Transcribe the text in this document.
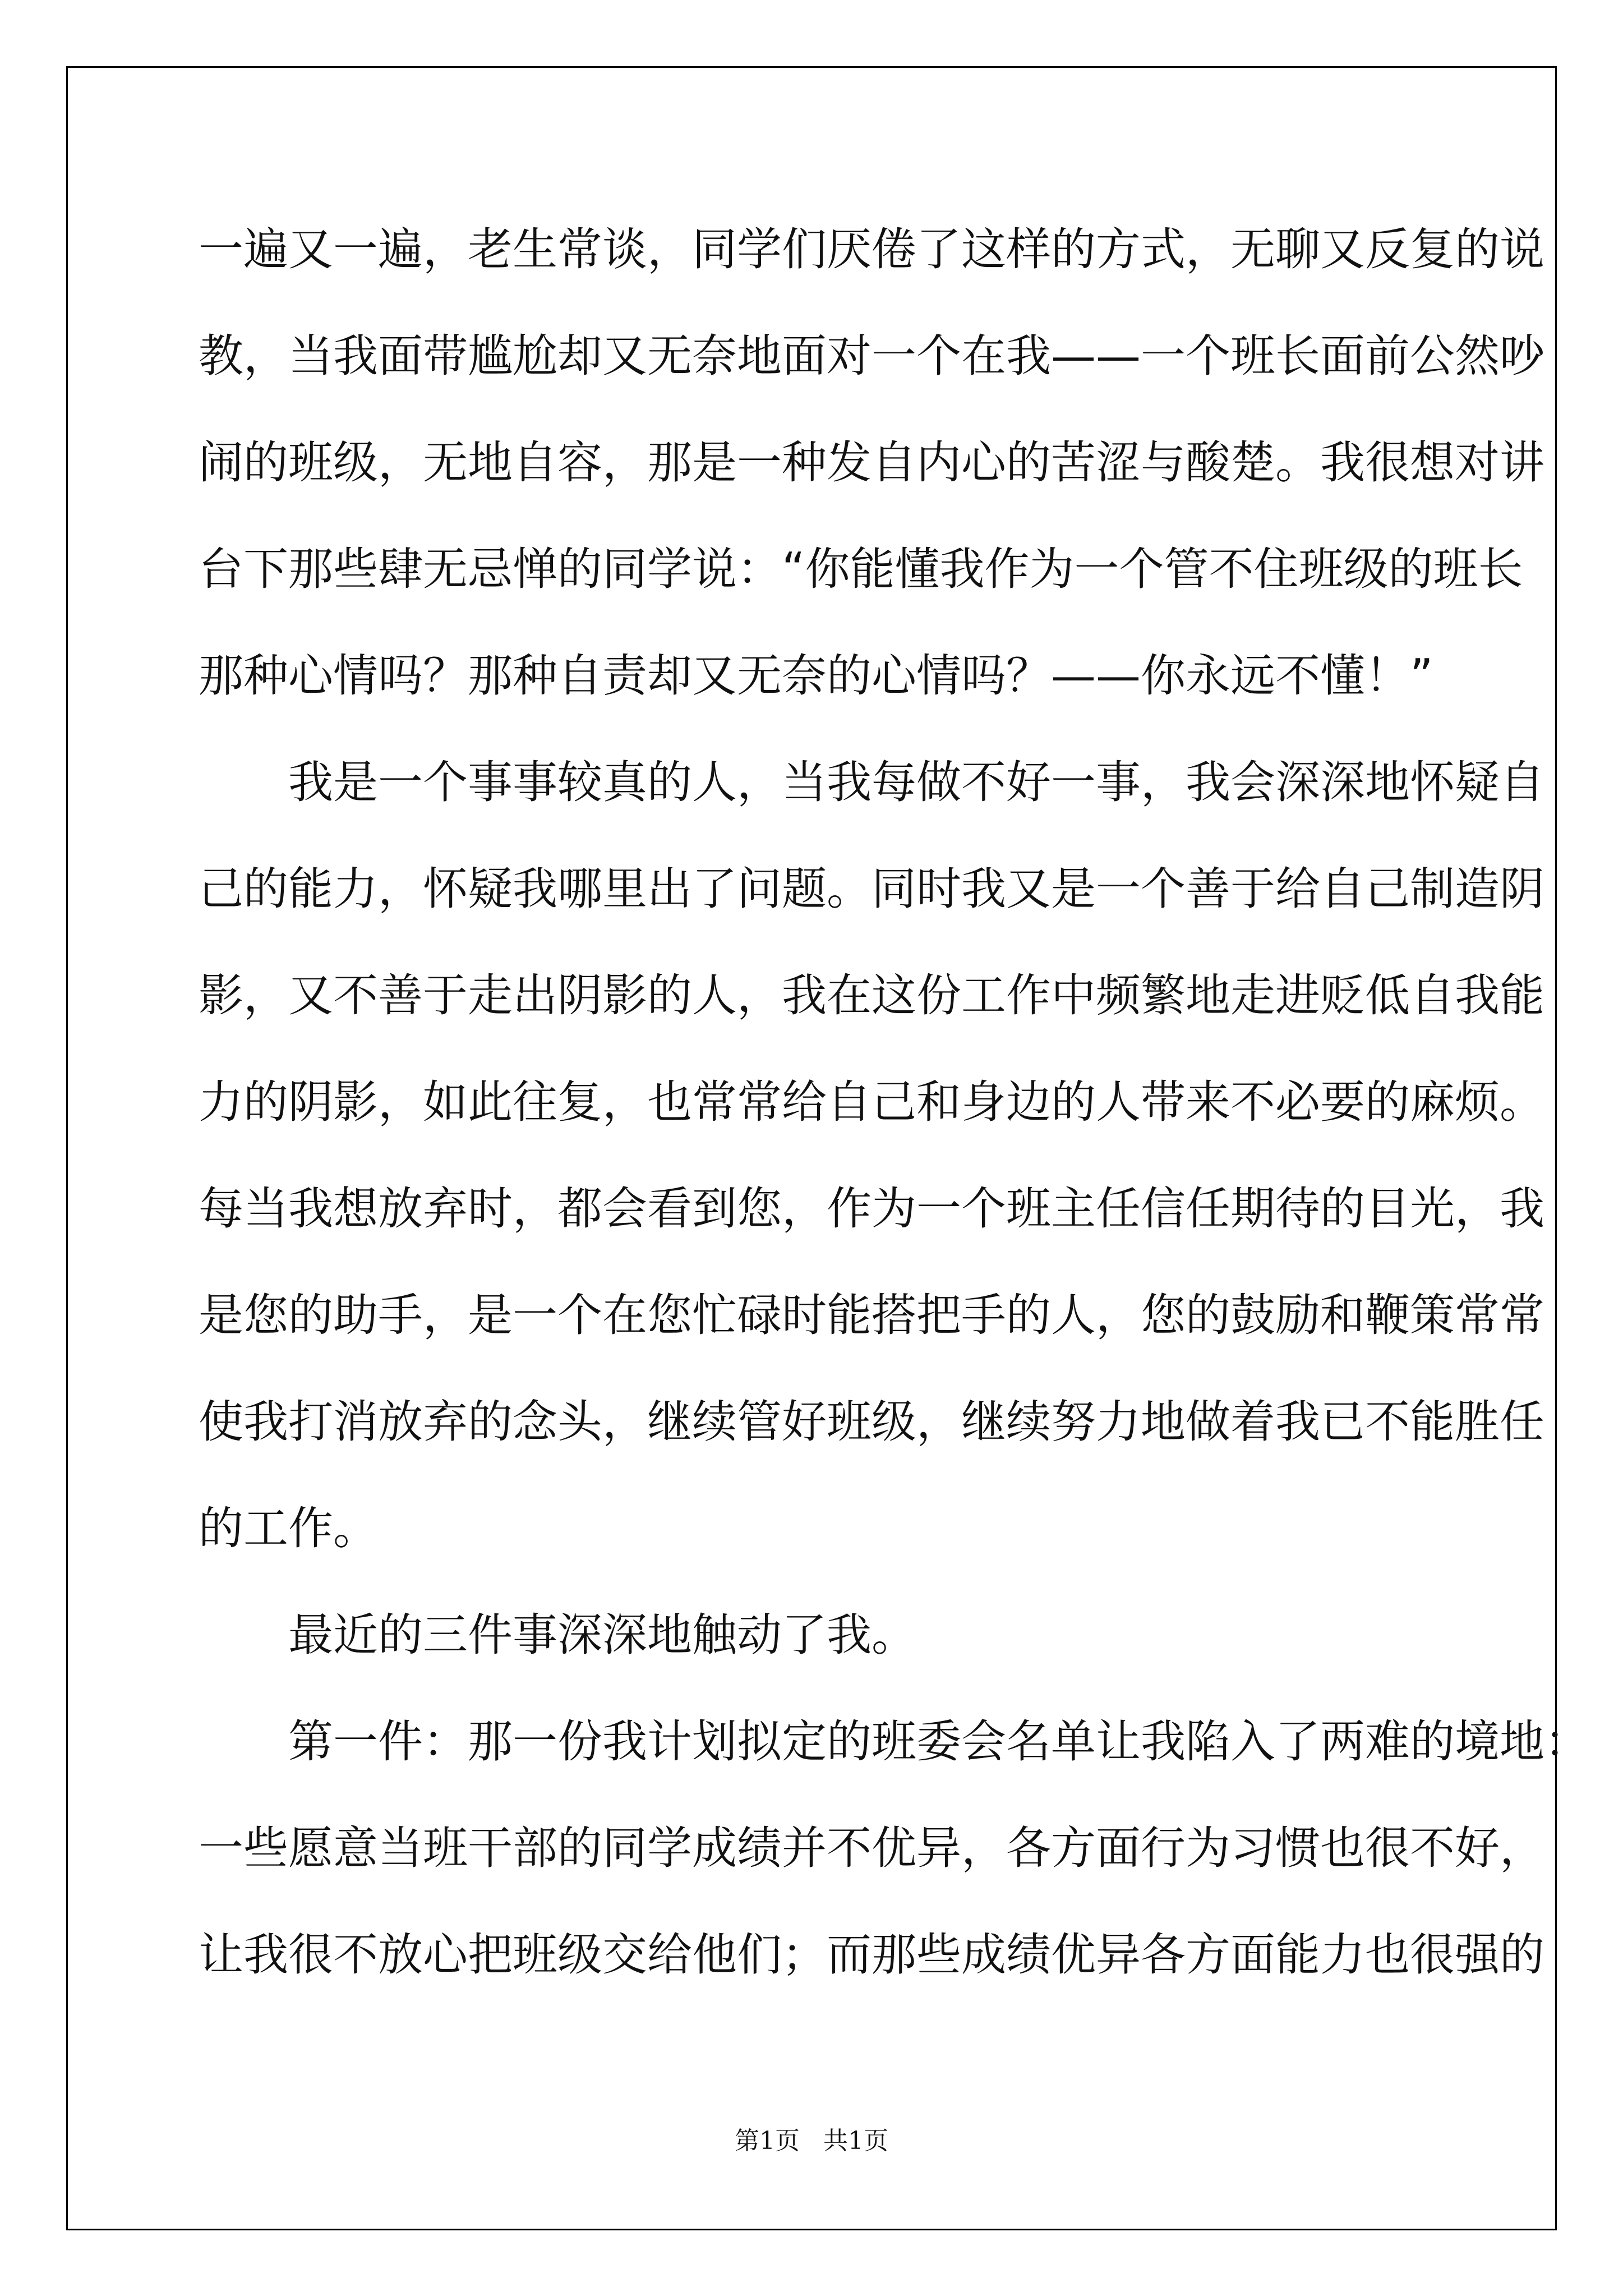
一遍又一遍，老生常谈，同学们厌倦了这样的方式，无聊又反复的说
教，当我面带尴尬却又无奈地面对一个在我——一个班长面前公然吵
闹的班级，无地自容，那是一种发自内心的苦涩与酸楚。我很想对讲
台下那些肆无忌惮的同学说：“你能懂我作为一个管不住班级的班长
那种心情吗？那种自责却又无奈的心情吗？——你永远不懂！”
　　我是一个事事较真的人，当我每做不好一事，我会深深地怀疑自
己的能力，怀疑我哪里出了问题。同时我又是一个善于给自己制造阴
影，又不善于走出阴影的人，我在这份工作中频繁地走进贬低自我能
力的阴影，如此往复，也常常给自己和身边的人带来不必要的麻烦。
每当我想放弃时，都会看到您，作为一个班主任信任期待的目光，我
是您的助手，是一个在您忙碌时能搭把手的人，您的鼓励和鞭策常常
使我打消放弃的念头，继续管好班级，继续努力地做着我已不能胜任
的工作。
　　最近的三件事深深地触动了我。
　　第一件：那一份我计划拟定的班委会名单让我陷入了两难的境地：
一些愿意当班干部的同学成绩并不优异，各方面行为习惯也很不好，
让我很不放心把班级交给他们；而那些成绩优异各方面能力也很强的
第1页 共1页
